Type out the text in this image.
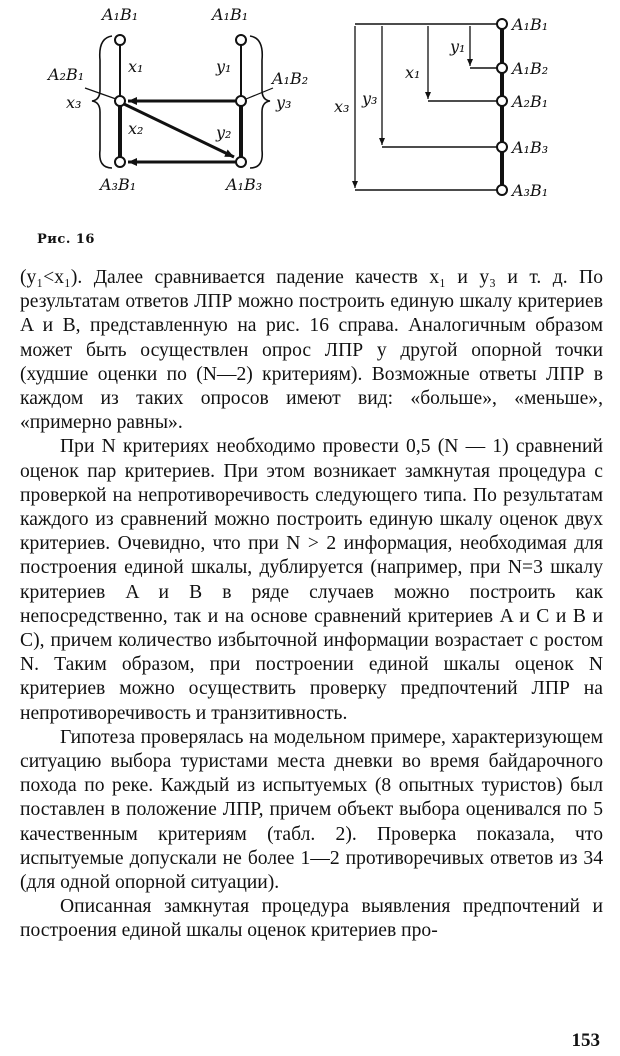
A₁B₁	A₁B₁
A₂B₁	A₁B₂
A₃B₁	A₁B₃
x₁	y₁
x₂	y₂
x₃	y₃
A₁B₁
A₁B₂
A₂B₁
A₁B₃
A₃B₁
y₁
x₁
y₃
x₃
Рис. 16

(y₁<x₁). Далее сравнивается падение качеств x₁ и y₃ и т. д. По результатам ответов ЛПР можно построить единую шкалу критериев A и B, представленную на рис. 16 справа. Аналогичным образом может быть осуществлен опрос ЛПР у другой опорной точки (худшие оценки по (N—2) критериям). Возможные ответы ЛПР в каждом из таких опросов имеют вид: «больше», «меньше», «примерно равны».

При N критериях необходимо провести 0,5 (N — 1) сравнений оценок пар критериев. При этом возникает замкнутая процедура с проверкой на непротиворечивость следующего типа. По результатам каждого из сравнений можно построить единую шкалу оценок двух критериев. Очевидно, что при N > 2 информация, необходимая для построения единой шкалы, дублируется (например, при N=3 шкалу критериев A и B в ряде случаев можно построить как непосредственно, так и на основе сравнений критериев A и C и B и C), причем количество избыточной информации возрастает с ростом N. Таким образом, при построении единой шкалы оценок N критериев можно осуществить проверку предпочтений ЛПР на непротиворечивость и транзитивность.

Гипотеза проверялась на модельном примере, характеризующем ситуацию выбора туристами места дневки во время байдарочного похода по реке. Каждый из испытуемых (8 опытных туристов) был поставлен в положение ЛПР, причем объект выбора оценивался по 5 качественным критериям (табл. 2). Проверка показала, что испытуемые допускали не более 1—2 противоречивых ответов из 34 (для одной опорной ситуации).

Описанная замкнутая процедура выявления предпочтений и построения единой шкалы оценок критериев про-

153
